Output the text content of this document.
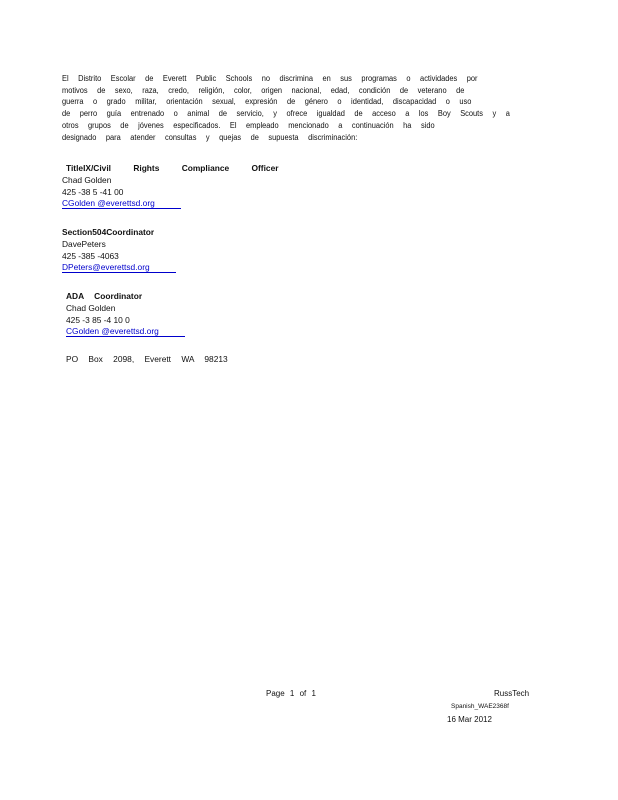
El Distrito Escolar de Everett Public Schools no discrimina en sus programas o actividades por
motivos de sexo, raza, credo, religión, color, origen nacional, edad, condición de veterano de
guerra o grado militar, orientación sexual, expresión de género o identidad, discapacidad o uso
de perro guía entrenado o animal de servicio, y ofrece igualdad de acceso a los Boy Scouts y a
otros grupos de jóvenes especificados. El empleado mencionado a continuación ha sido
designado para atender consultas y quejas de supuesta discriminación:
TitleIX/Civil Rights Compliance Officer
Chad Golden
425 -38 5 -41 00
CGolden @everettsd.org
Section504Coordinator
DavePeters
425 -385 -4063
DPeters@everettsd.org
ADA Coordinator
Chad Golden
425 -3 85 -4 10 0
CGolden @everettsd.org
PO Box 2098, Everett WA 98213
Page 1 of 1	RussTech
Spanish_WAE2368f
16 Mar 2012
